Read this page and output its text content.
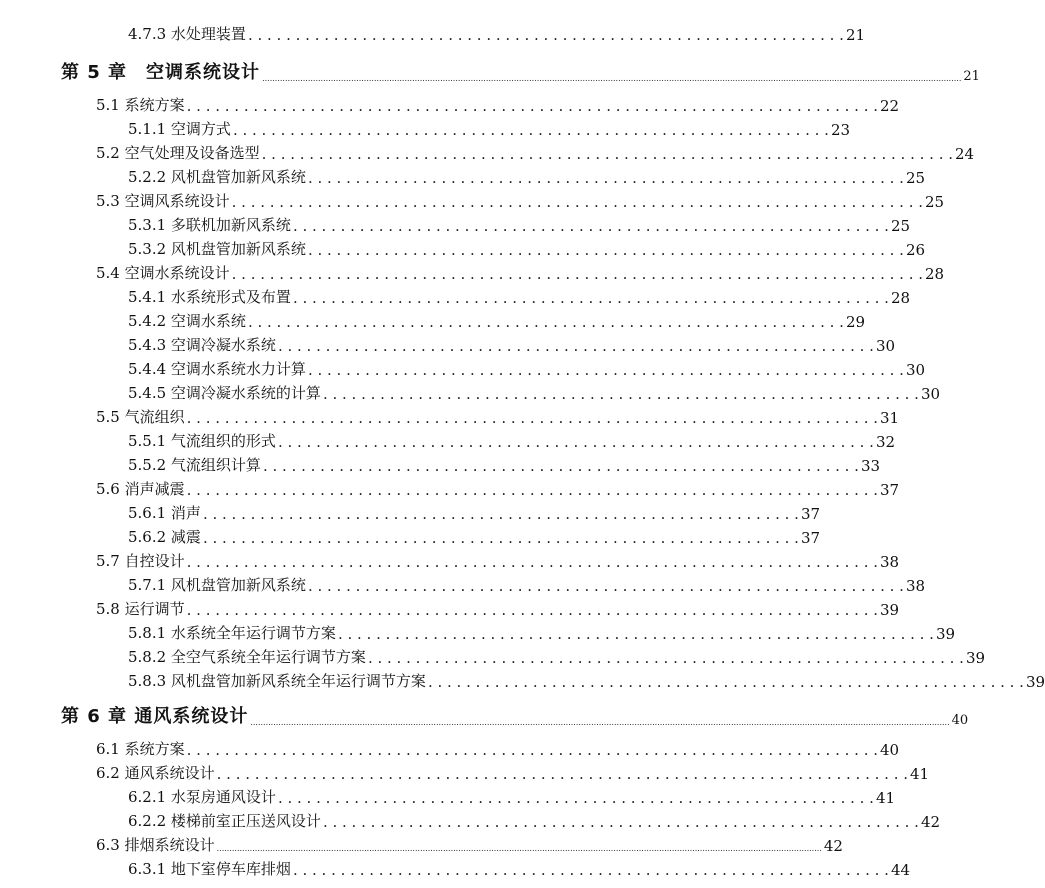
4.7.3 水处理装置 . . . . . . . . . . . . . . . . . . . . . . . . . . . . . . . . . . . . . . . . . . . . . . . . . . . . . . . . . . . . . . . 21
第 5 章　空调系统设计 ................................................................................................................................................................................................................................................................................... 21
5.1 系统方案 . . . . . . . . . . . . . . . . . . . . . . . . . . . . . . . . . . . . . . . . . . . . . . . . . . . . . . . . . . . . . . . . . . . . . . . . . 22
5.1.1 空调方式 . . . . . . . . . . . . . . . . . . . . . . . . . . . . . . . . . . . . . . . . . . . . . . . . . . . . . . . . . . . . . . . 23
5.2 空气处理及设备选型 . . . . . . . . . . . . . . . . . . . . . . . . . . . . . . . . . . . . . . . . . . . . . . . . . . . . . . . . . . . . . . . . . . . . . . . . . 24
5.2.2 风机盘管加新风系统 . . . . . . . . . . . . . . . . . . . . . . . . . . . . . . . . . . . . . . . . . . . . . . . . . . . . . . . . . . . . . . . 25
5.3 空调风系统设计 . . . . . . . . . . . . . . . . . . . . . . . . . . . . . . . . . . . . . . . . . . . . . . . . . . . . . . . . . . . . . . . . . . . . . . . . . 25
5.3.1 多联机加新风系统 . . . . . . . . . . . . . . . . . . . . . . . . . . . . . . . . . . . . . . . . . . . . . . . . . . . . . . . . . . . . . . . 25
5.3.2 风机盘管加新风系统 . . . . . . . . . . . . . . . . . . . . . . . . . . . . . . . . . . . . . . . . . . . . . . . . . . . . . . . . . . . . . . . 26
5.4 空调水系统设计 . . . . . . . . . . . . . . . . . . . . . . . . . . . . . . . . . . . . . . . . . . . . . . . . . . . . . . . . . . . . . . . . . . . . . . . . . 28
5.4.1 水系统形式及布置 . . . . . . . . . . . . . . . . . . . . . . . . . . . . . . . . . . . . . . . . . . . . . . . . . . . . . . . . . . . . . . . 28
5.4.2 空调水系统 . . . . . . . . . . . . . . . . . . . . . . . . . . . . . . . . . . . . . . . . . . . . . . . . . . . . . . . . . . . . . . . 29
5.4.3 空调冷凝水系统 . . . . . . . . . . . . . . . . . . . . . . . . . . . . . . . . . . . . . . . . . . . . . . . . . . . . . . . . . . . . . . . 30
5.4.4 空调水系统水力计算 . . . . . . . . . . . . . . . . . . . . . . . . . . . . . . . . . . . . . . . . . . . . . . . . . . . . . . . . . . . . . . . 30
5.4.5 空调冷凝水系统的计算 . . . . . . . . . . . . . . . . . . . . . . . . . . . . . . . . . . . . . . . . . . . . . . . . . . . . . . . . . . . . . . . 30
5.5 气流组织 . . . . . . . . . . . . . . . . . . . . . . . . . . . . . . . . . . . . . . . . . . . . . . . . . . . . . . . . . . . . . . . . . . . . . . . . . 31
5.5.1 气流组织的形式 . . . . . . . . . . . . . . . . . . . . . . . . . . . . . . . . . . . . . . . . . . . . . . . . . . . . . . . . . . . . . . . 32
5.5.2 气流组织计算 . . . . . . . . . . . . . . . . . . . . . . . . . . . . . . . . . . . . . . . . . . . . . . . . . . . . . . . . . . . . . . . 33
5.6 消声减震 . . . . . . . . . . . . . . . . . . . . . . . . . . . . . . . . . . . . . . . . . . . . . . . . . . . . . . . . . . . . . . . . . . . . . . . . . 37
5.6.1 消声 . . . . . . . . . . . . . . . . . . . . . . . . . . . . . . . . . . . . . . . . . . . . . . . . . . . . . . . . . . . . . . . 37
5.6.2 减震 . . . . . . . . . . . . . . . . . . . . . . . . . . . . . . . . . . . . . . . . . . . . . . . . . . . . . . . . . . . . . . . 37
5.7 自控设计 . . . . . . . . . . . . . . . . . . . . . . . . . . . . . . . . . . . . . . . . . . . . . . . . . . . . . . . . . . . . . . . . . . . . . . . . . 38
5.7.1 风机盘管加新风系统 . . . . . . . . . . . . . . . . . . . . . . . . . . . . . . . . . . . . . . . . . . . . . . . . . . . . . . . . . . . . . . . 38
5.8 运行调节 . . . . . . . . . . . . . . . . . . . . . . . . . . . . . . . . . . . . . . . . . . . . . . . . . . . . . . . . . . . . . . . . . . . . . . . . . 39
5.8.1 水系统全年运行调节方案 . . . . . . . . . . . . . . . . . . . . . . . . . . . . . . . . . . . . . . . . . . . . . . . . . . . . . . . . . . . . . . . 39
5.8.2 全空气系统全年运行调节方案 . . . . . . . . . . . . . . . . . . . . . . . . . . . . . . . . . . . . . . . . . . . . . . . . . . . . . . . . . . . . . . . 39
5.8.3 风机盘管加新风系统全年运行调节方案 . . . . . . . . . . . . . . . . . . . . . . . . . . . . . . . . . . . . . . . . . . . . . . . . . . . . . . . . . . . . . . . 39
第 6 章 通风系统设计 ................................................................................................................................................................................................................................................................................... 40
6.1 系统方案 . . . . . . . . . . . . . . . . . . . . . . . . . . . . . . . . . . . . . . . . . . . . . . . . . . . . . . . . . . . . . . . . . . . . . . . . . 40
6.2 通风系统设计 . . . . . . . . . . . . . . . . . . . . . . . . . . . . . . . . . . . . . . . . . . . . . . . . . . . . . . . . . . . . . . . . . . . . . . . . . 41
6.2.1 水泵房通风设计 . . . . . . . . . . . . . . . . . . . . . . . . . . . . . . . . . . . . . . . . . . . . . . . . . . . . . . . . . . . . . . . 41
6.2.2 楼梯前室正压送风设计 . . . . . . . . . . . . . . . . . . . . . . . . . . . . . . . . . . . . . . . . . . . . . . . . . . . . . . . . . . . . . . . 42
6.3 排烟系统设计 .............................................................................................................................................................................................................................................. 42
6.3.1 地下室停车库排烟 . . . . . . . . . . . . . . . . . . . . . . . . . . . . . . . . . . . . . . . . . . . . . . . . . . . . . . . . . . . . . . . 44
